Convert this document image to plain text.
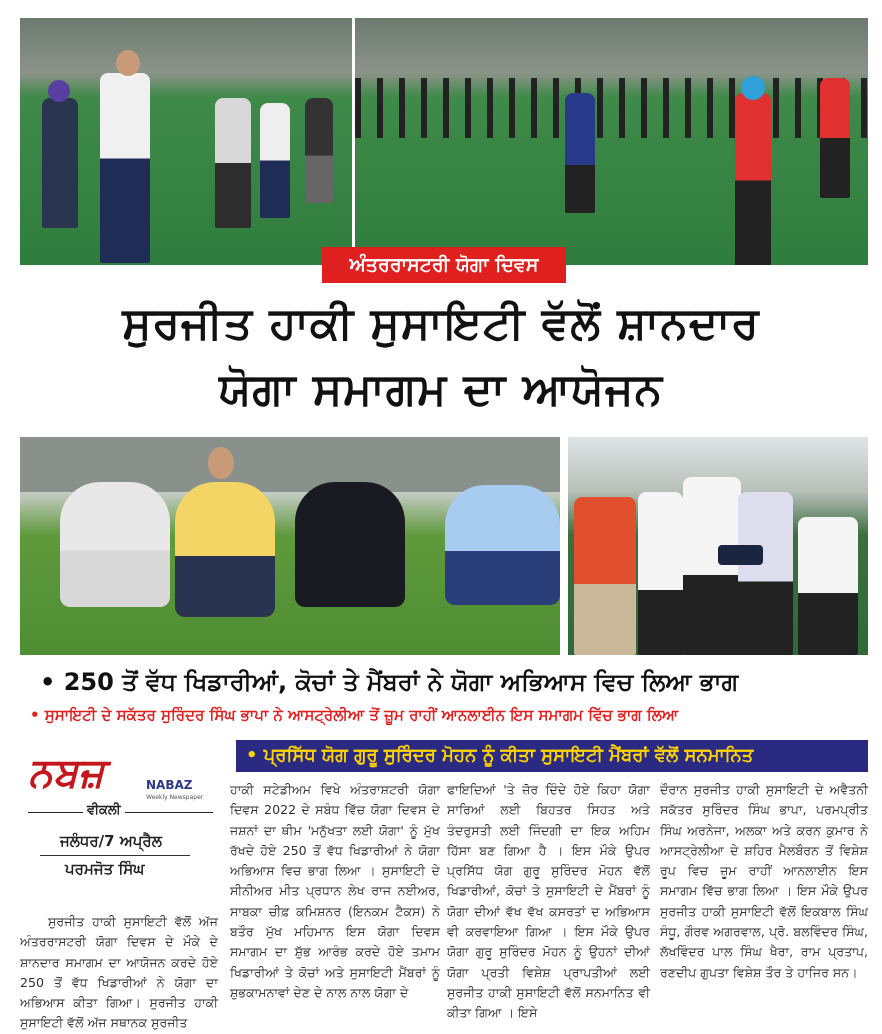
ਅੰਤਰਰਾਸਟਰੀ ਯੋਗਾ ਦਿਵਸ
ਸੁਰਜੀਤ ਹਾਕੀ ਸੁਸਾਇਟੀ ਵੱਲੋਂ ਸ਼ਾਨਦਾਰ
ਯੋਗਾ ਸਮਾਗਮ ਦਾ ਆਯੋਜਨ
• 250 ਤੋਂ ਵੱਧ ਖਿਡਾਰੀਆਂ, ਕੋਚਾਂ ਤੇ ਮੈਂਬਰਾਂ ਨੇ ਯੋਗਾ ਅਭਿਆਸ ਵਿਚ ਲਿਆ ਭਾਗ
• ਸੁਸਾਇਟੀ ਦੇ ਸਕੱਤਰ ਸੁਰਿੰਦਰ ਸਿੰਘ ਭਾਪਾ ਨੇ ਆਸਟ੍ਰੇਲੀਆ ਤੋਂ ਜ਼ੂਮ ਰਾਹੀਂ ਆਨਲਾਈਨ ਇਸ ਸਮਾਗਮ ਵਿੱਚ ਭਾਗ ਲਿਆ
• ਪ੍ਰਸਿੱਧ ਯੋਗ ਗੁਰੂ ਸੁਰਿੰਦਰ ਮੋਹਨ ਨੂੰ ਕੀਤਾ ਸੁਸਾਇਟੀ ਮੈਂਬਰਾਂ ਵੱਲੋਂ ਸਨਮਾਨਿਤ
ਨਬਜ਼	NABAZ
Weekly Newspaper
ਵੀਕਲੀ
ਜਲੰਧਰ/7 ਅਪ੍ਰੈਲ
ਪਰਮਜੋਤ ਸਿੰਘ
ਸੁਰਜੀਤ ਹਾਕੀ ਸੁਸਾਇਟੀ ਵੱਲੋਂ ਅੱਜ ਅੰਤਰਰਾਸਟਰੀ ਯੋਗਾ ਦਿਵਸ ਦੇ ਮੌਕੇ ਦੇ ਸ਼ਾਨਦਾਰ ਸਮਾਗਮ ਦਾ ਆਯੋਜਨ ਕਰਦੇ ਹੋਏ 250 ਤੋਂ ਵੱਧ ਖਿਡਾਰੀਆਂ ਨੇ ਯੋਗਾ ਦਾ ਅਭਿਆਸ ਕੀਤਾ ਗਿਆ। ਸੁਰਜੀਤ ਹਾਕੀ ਸੁਸਾਇਟੀ ਵੱਲੋਂ ਅੱਜ ਸਥਾਨਕ ਸੁਰਜੀਤ
ਹਾਕੀ ਸਟੇਡੀਅਮ ਵਿਖੇ ਅੰਤਰਾਸ਼ਟਰੀ ਯੋਗਾ ਦਿਵਸ 2022 ਦੇ ਸਬੰਧ ਵਿੱਚ ਯੋਗਾ ਦਿਵਸ ਦੇ ਜਸ਼ਨਾਂ ਦਾ ਥੀਮ 'ਮਨੁੱਖਤਾ ਲਈ ਯੋਗਾ' ਨੂੰ ਮੁੱਖ ਰੱਖਦੇ ਹੋਏ 250 ਤੋਂ ਵੱਧ ਖਿਡਾਰੀਆਂ ਨੇ ਯੋਗਾ ਅਭਿਆਸ ਵਿਚ ਭਾਗ ਲਿਆ । ਸੁਸਾਇਟੀ ਦੇ ਸੀਨੀਅਰ ਮੀਤ ਪ੍ਰਧਾਨ ਲੇਖ ਰਾਜ ਨਈਅਰ, ਸਾਬਕਾ ਚੀਫ਼ ਕਮਿਸ਼ਨਰ (ਇਨਕਮ ਟੈਕਸ) ਨੇ ਬਤੌਰ ਮੁੱਖ ਮਹਿਮਾਨ ਇਸ ਯੋਗਾ ਦਿਵਸ ਸਮਾਗਮ ਦਾ ਸ਼ੁੱਭ ਆਰੰਭ ਕਰਦੇ ਹੋਏ ਤਮਾਮ ਖਿਡਾਰੀਆਂ ਤੇ ਕੋਚਾਂ ਅਤੇ ਸੁਸਾਇਟੀ ਮੈਂਬਰਾਂ ਨੂੰ ਸ਼ੁਭਕਾਮਨਾਵਾਂ ਦੇਣ ਦੇ ਨਾਲ ਨਾਲ ਯੋਗਾ ਦੇ
ਫਾਇਦਿਆਂ 'ਤੇ ਜ਼ੋਰ ਦਿੰਦੇ ਹੋਏ ਕਿਹਾ ਯੋਗਾ ਸਾਰਿਆਂ ਲਈ ਬਿਹਤਰ ਸਿਹਤ ਅਤੇ ਤੰਦਰੁਸਤੀ ਲਈ ਜਿੰਦਗੀ ਦਾ ਇਕ ਅਹਿਮ ਹਿੱਸਾ ਬਣ ਗਿਆ ਹੈ । ਇਸ ਮੌਕੇ ਉਪਰ ਪ੍ਰਸਿੱਧ ਯੋਗ ਗੁਰੂ ਸੁਰਿੰਦਰ ਮੋਹਨ ਵੱਲੋਂ ਖਿਡਾਰੀਆਂ, ਕੋਚਾਂ ਤੇ ਸੁਸਾਇਟੀ ਦੇ ਮੈਂਬਰਾਂ ਨੂੰ ਯੋਗਾ ਦੀਆਂ ਵੱਖ ਵੱਖ ਕਸਰਤਾਂ ਦ ਅਭਿਆਸ ਵੀ ਕਰਵਾਇਆ ਗਿਆ । ਇਸ ਮੌਕੇ ਉਪਰ ਯੋਗਾ ਗੁਰੂ ਸੁਰਿੰਦਰ ਮੋਹਨ ਨੂੰ ਉਹਨਾਂ ਦੀਆਂ ਯੋਗਾ ਪ੍ਰਤੀ ਵਿਸ਼ੇਸ਼ ਪ੍ਰਾਪਤੀਆਂ ਲਈ ਸੁਰਜੀਤ ਹਾਕੀ ਸੁਸਾਇਟੀ ਵੱਲੋਂ ਸਨਮਾਨਿਤ ਵੀ ਕੀਤਾ ਗਿਆ । ਇਸੇ
ਦੌਰਾਨ ਸੁਰਜੀਤ ਹਾਕੀ ਸੁਸਾਇਟੀ ਦੇ ਅਵੈਤਨੀ ਸਕੱਤਰ ਸੁਰਿੰਦਰ ਸਿੰਘ ਭਾਪਾ, ਪਰਮਪ੍ਰੀਤ ਸਿੰਘ ਅਰਨੇਜਾ, ਅਲਕਾ ਅਤੇ ਕਰਨ ਕੁਮਾਰ ਨੇ ਆਸਟ੍ਰੇਲੀਆ ਦੇ ਸ਼ਹਿਰ ਮੈਲਬੌਰਨ ਤੋਂ ਵਿਸ਼ੇਸ਼ ਰੂਪ ਵਿਚ ਜ਼ੂਮ ਰਾਹੀਂ ਆਨਲਾਈਨ ਇਸ ਸਮਾਗਮ ਵਿੱਚ ਭਾਗ ਲਿਆ । ਇਸ ਮੌਕੇ ਉਪਰ ਸੁਰਜੀਤ ਹਾਕੀ ਸੁਸਾਇਟੀ ਵੱਲੋਂ ਇਕਬਾਲ ਸਿੰਘ ਸੰਧੂ, ਗੌਰਵ ਅਗਰਵਾਲ, ਪ੍ਰੋ. ਬਲਵਿੰਦਰ ਸਿੰਘ, ਲੱਖਵਿੰਦਰ ਪਾਲ ਸਿੰਘ ਖੈਰਾ, ਰਾਮ ਪ੍ਰਤਾਪ, ਰਣਦੀਪ ਗੁਪਤਾ ਵਿਸ਼ੇਸ਼ ਤੌਰ ਤੇ ਹਾਜਿਰ ਸਨ।
